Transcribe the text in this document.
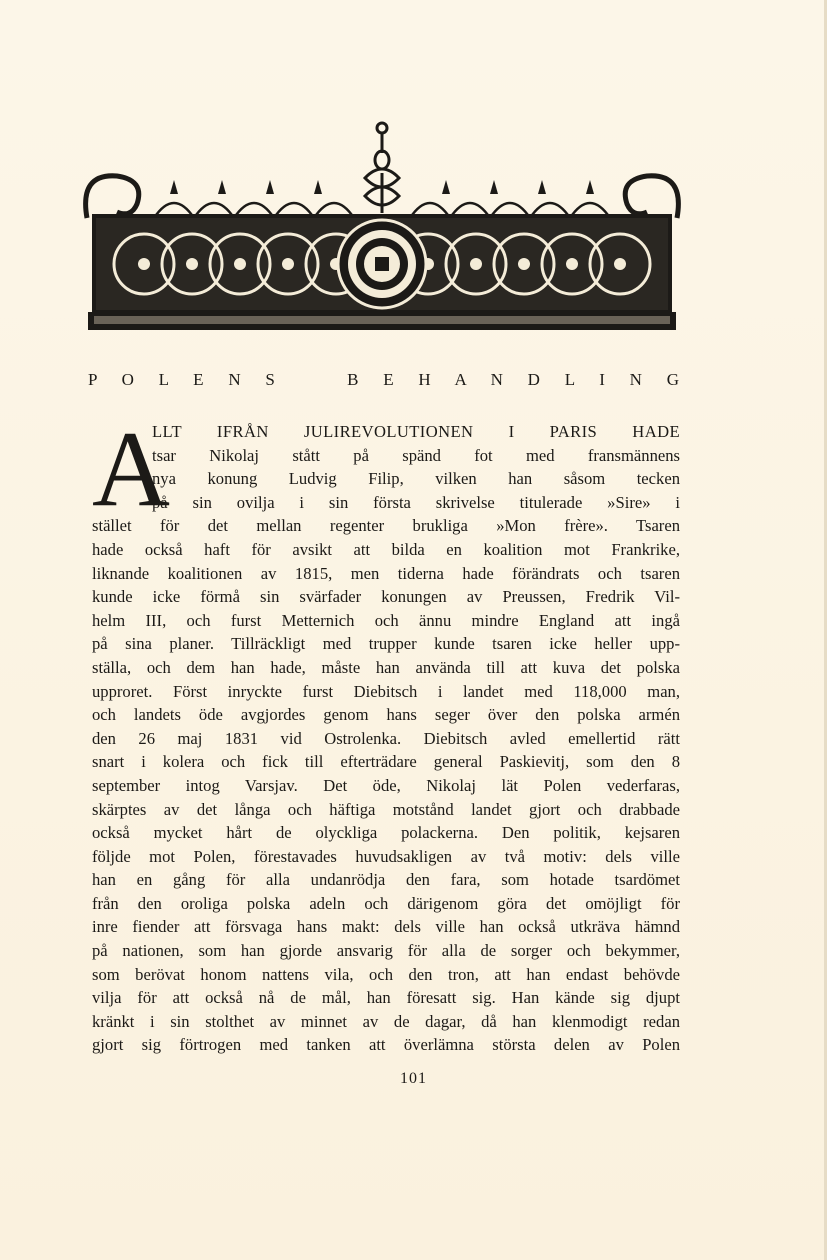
P O L E N S   B E H A N D L I N G
A
LLT IFRÅN JULIREVOLUTIONEN I PARIS HADE
tsar Nikolaj stått på spänd fot med fransmännens
nya konung Ludvig Filip, vilken han såsom tecken
på sin ovilja i sin första skrivelse titulerade »Sire» i
stället för det mellan regenter brukliga »Mon frère». Tsaren
hade också haft för avsikt att bilda en koalition mot Frankrike,
liknande koalitionen av 1815, men tiderna hade förändrats och tsaren
kunde icke förmå sin svärfader konungen av Preussen, Fredrik Vil-
helm III, och furst Metternich och ännu mindre England att ingå
på sina planer. Tillräckligt med trupper kunde tsaren icke heller upp-
ställa, och dem han hade, måste han använda till att kuva det polska
upproret. Först inryckte furst Diebitsch i landet med 118,000 man,
och landets öde avgjordes genom hans seger över den polska armén
den 26 maj 1831 vid Ostrolenka. Diebitsch avled emellertid rätt
snart i kolera och fick till efterträdare general Paskievitj, som den 8
september intog Varsjav. Det öde, Nikolaj lät Polen vederfaras,
skärptes av det långa och häftiga motstånd landet gjort och drabbade
också mycket hårt de olyckliga polackerna. Den politik, kejsaren
följde mot Polen, förestavades huvudsakligen av två motiv: dels ville
han en gång för alla undanrödja den fara, som hotade tsardömet
från den oroliga polska adeln och därigenom göra det omöjligt för
inre fiender att försvaga hans makt: dels ville han också utkräva hämnd
på nationen, som han gjorde ansvarig för alla de sorger och bekymmer,
som berövat honom nattens vila, och den tron, att han endast behövde
vilja för att också nå de mål, han föresatt sig. Han kände sig djupt
kränkt i sin stolthet av minnet av de dagar, då han klenmodigt redan
gjort sig förtrogen med tanken att överlämna största delen av Polen
101
